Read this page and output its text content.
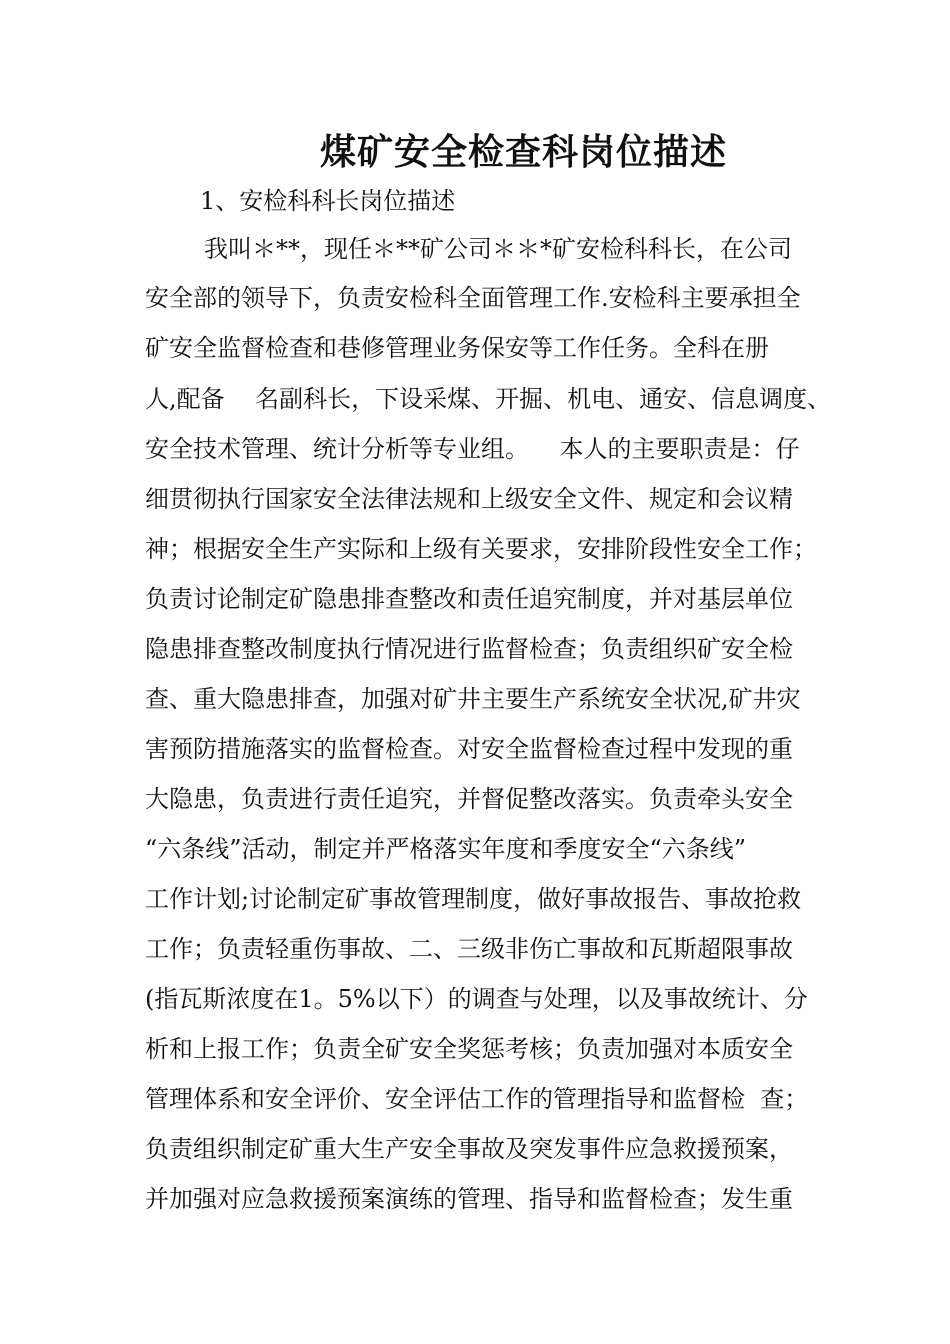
煤矿安全检查科岗位描述
1、安检科科长岗位描述
我叫＊**，现任＊**矿公司＊＊*矿安检科科长，在公司
安全部的领导下，负责安检科全面管理工作.安检科主要承担全
矿安全监督检查和巷修管理业务保安等工作任务。全科在册
人,配备    名副科长，下设采煤、开掘、机电、通安、信息调度、
安全技术管理、统计分析等专业组。    本人的主要职责是：仔
细贯彻执行国家安全法律法规和上级安全文件、规定和会议精
神；根据安全生产实际和上级有关要求，安排阶段性安全工作；
负责讨论制定矿隐患排查整改和责任追究制度，并对基层单位
隐患排查整改制度执行情况进行监督检查；负责组织矿安全检
查、重大隐患排查，加强对矿井主要生产系统安全状况,矿井灾
害预防措施落实的监督检查。对安全监督检查过程中发现的重
大隐患，负责进行责任追究，并督促整改落实。负责牵头安全
“六条线”活动，制定并严格落实年度和季度安全“六条线”
工作计划;讨论制定矿事故管理制度，做好事故报告、事故抢救
工作；负责轻重伤事故、二、三级非伤亡事故和瓦斯超限事故
(指瓦斯浓度在1。5%以下）的调查与处理，以及事故统计、分
析和上报工作；负责全矿安全奖惩考核；负责加强对本质安全
管理体系和安全评价、安全评估工作的管理指导和监督检  查；
负责组织制定矿重大生产安全事故及突发事件应急救援预案，
并加强对应急救援预案演练的管理、指导和监督检查；发生重
